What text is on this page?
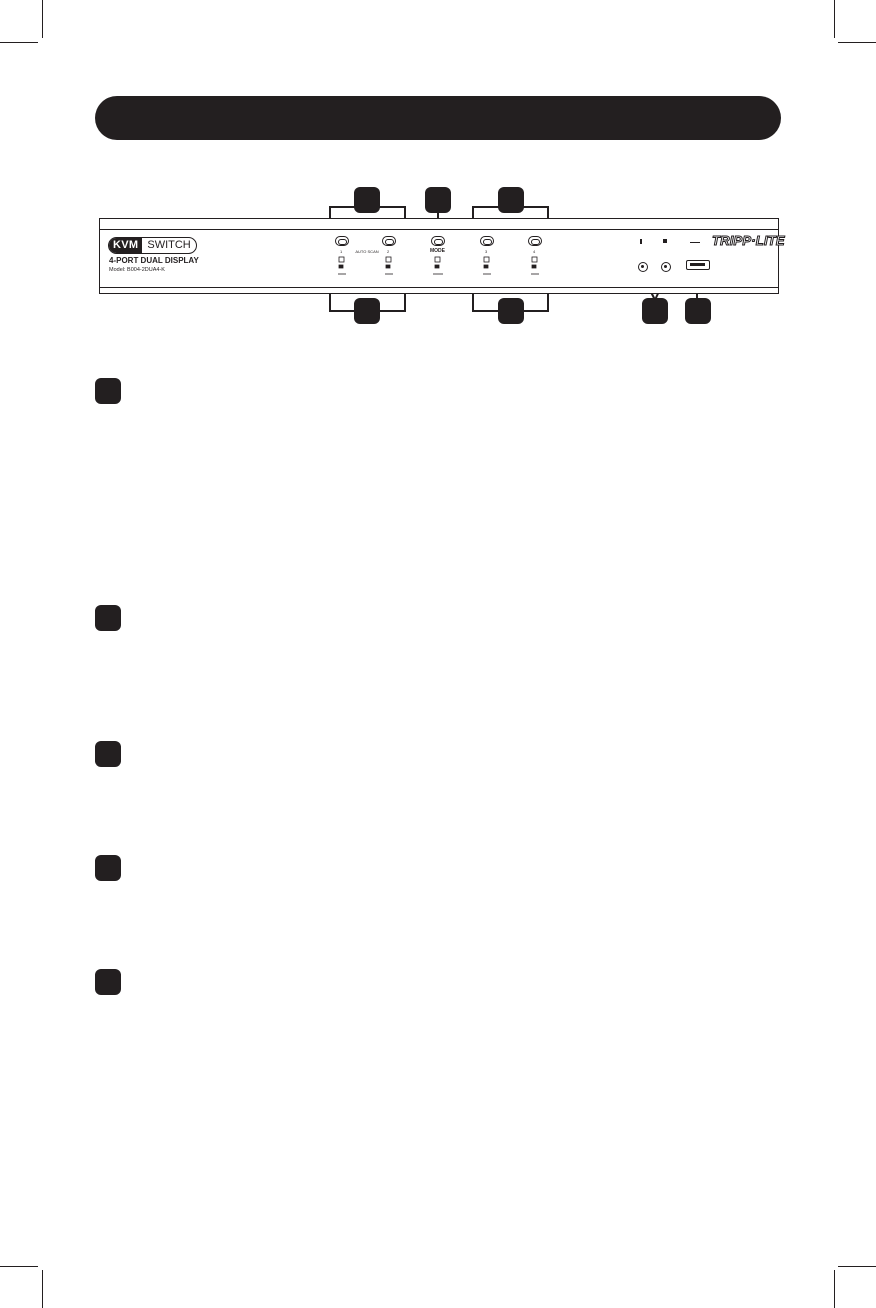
KVM SWITCH
4-PORT DUAL DISPLAY
Model: B004-2DUA4-K
1	AUTO SCAN	2	MODE	3	4
TRIPP·LITE
